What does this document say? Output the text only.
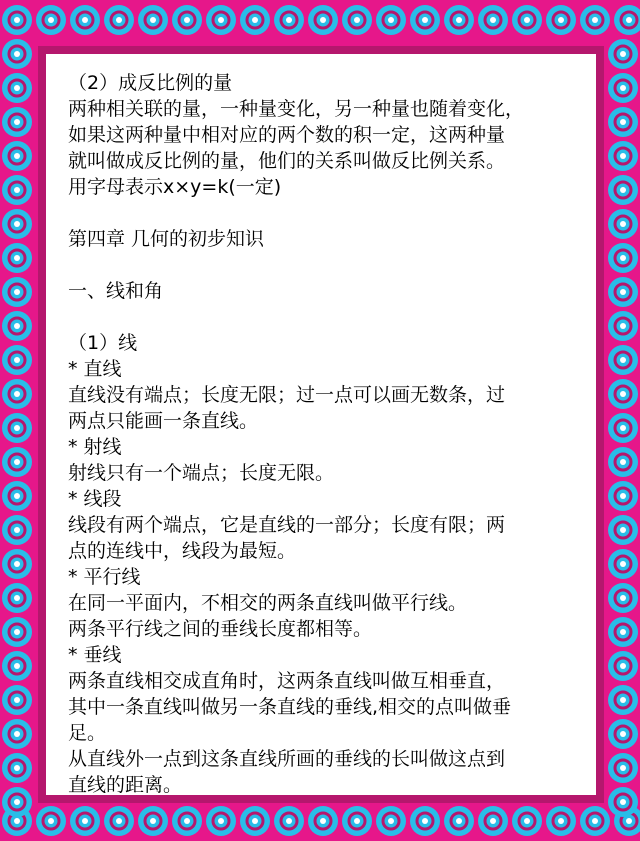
（2）成反比例的量
两种相关联的量，一种量变化，另一种量也随着变化，
如果这两种量中相对应的两个数的积一定，这两种量
就叫做成反比例的量，他们的关系叫做反比例关系。
用字母表示x×y=k(一定)
第四章 几何的初步知识
一、线和角
（1）线
* 直线
直线没有端点；长度无限；过一点可以画无数条，过
两点只能画一条直线。
* 射线
射线只有一个端点；长度无限。
* 线段
线段有两个端点，它是直线的一部分；长度有限；两
点的连线中，线段为最短。
* 平行线
在同一平面内，不相交的两条直线叫做平行线。
两条平行线之间的垂线长度都相等。
* 垂线
两条直线相交成直角时，这两条直线叫做互相垂直，
其中一条直线叫做另一条直线的垂线,相交的点叫做垂
足。
从直线外一点到这条直线所画的垂线的长叫做这点到
直线的距离。
